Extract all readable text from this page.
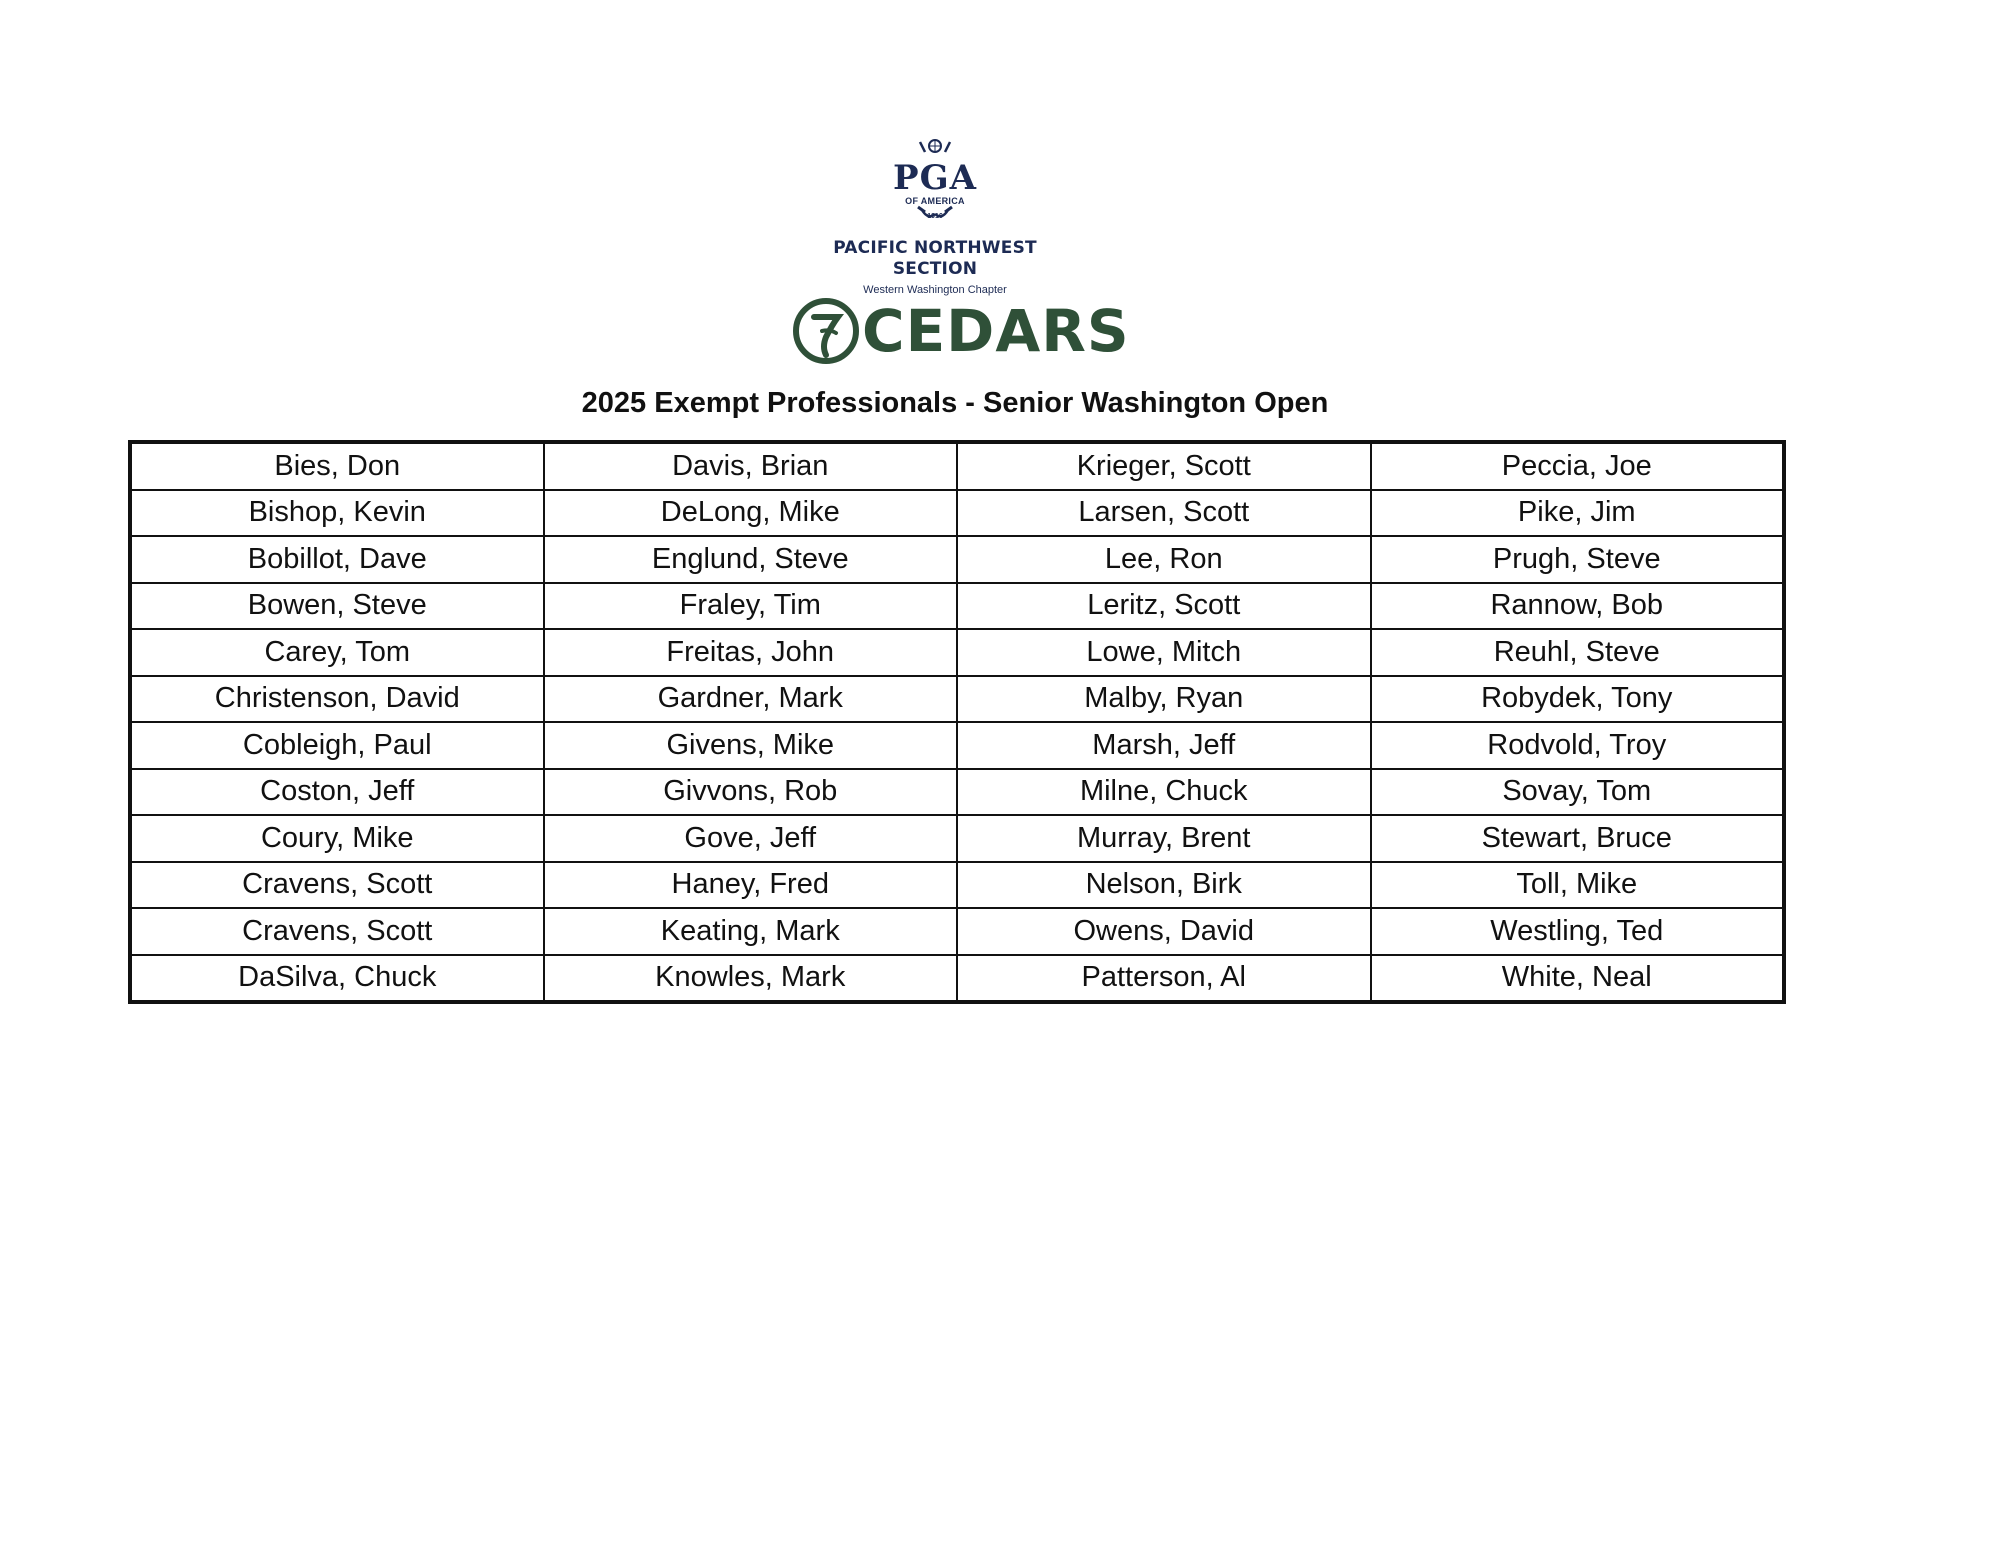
PGA
OF AMERICA
1916
PACIFIC NORTHWEST
SECTION
Western Washington Chapter
CEDARS
2025 Exempt Professionals - Senior Washington Open
Bies, Don	Davis, Brian	Krieger, Scott	Peccia, Joe
Bishop, Kevin	DeLong, Mike	Larsen, Scott	Pike, Jim
Bobillot, Dave	Englund, Steve	Lee, Ron	Prugh, Steve
Bowen, Steve	Fraley, Tim	Leritz, Scott	Rannow, Bob
Carey, Tom	Freitas, John	Lowe, Mitch	Reuhl, Steve
Christenson, David	Gardner, Mark	Malby, Ryan	Robydek, Tony
Cobleigh, Paul	Givens, Mike	Marsh, Jeff	Rodvold, Troy
Coston, Jeff	Givvons, Rob	Milne, Chuck	Sovay, Tom
Coury, Mike	Gove, Jeff	Murray, Brent	Stewart, Bruce
Cravens, Scott	Haney, Fred	Nelson, Birk	Toll, Mike
Cravens, Scott	Keating, Mark	Owens, David	Westling, Ted
DaSilva, Chuck	Knowles, Mark	Patterson, Al	White, Neal
